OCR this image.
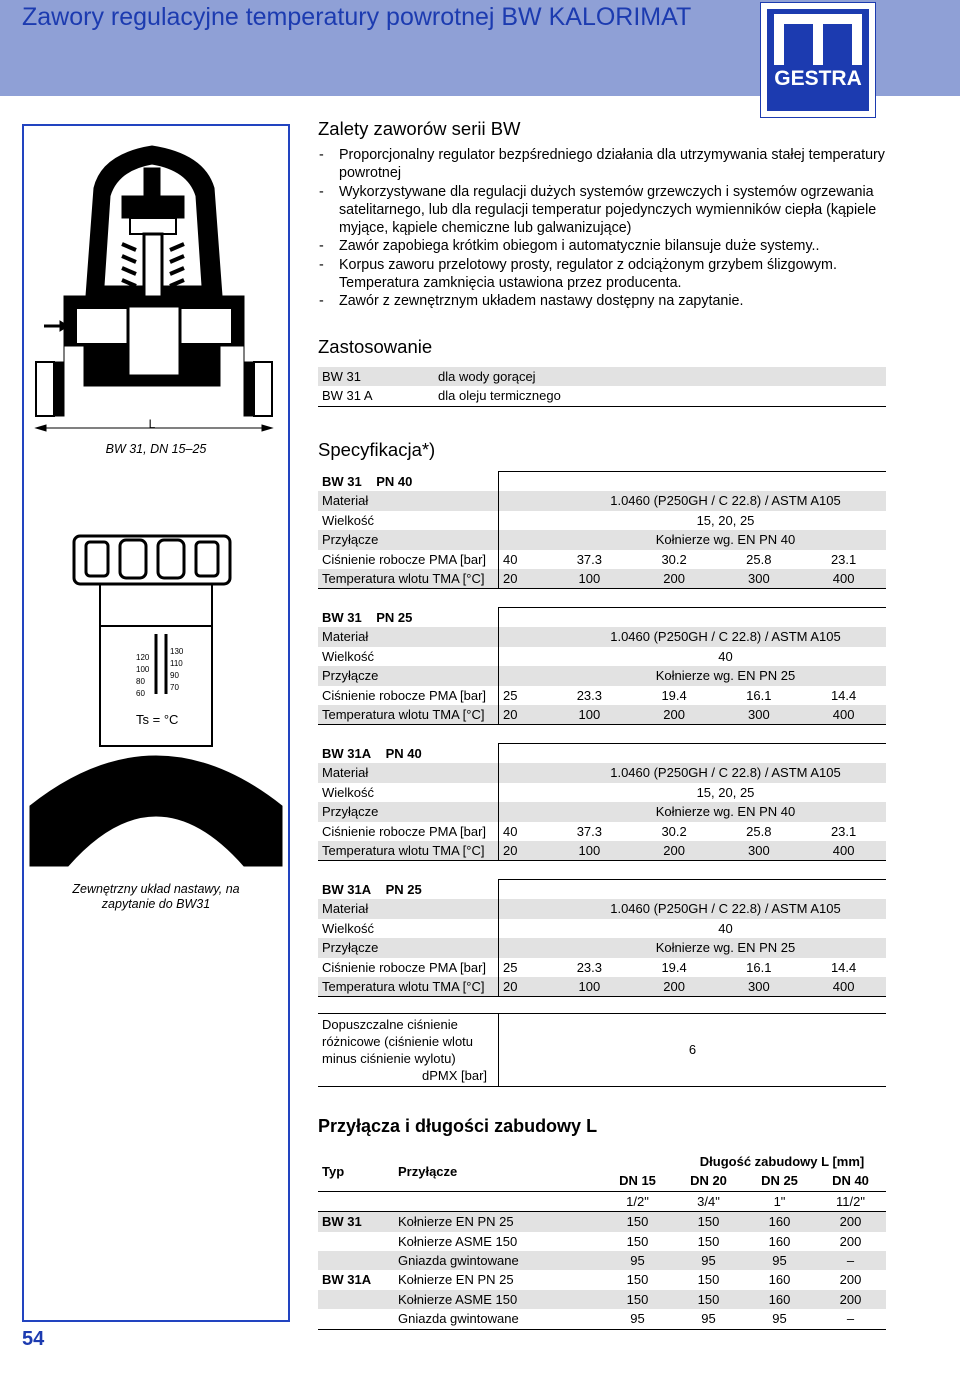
Zawory regulacyjne temperatury powrotnej BW KALORIMAT
GESTRA
L
120
100
80
60
130
110
90
70
Ts = °C
BW 31, DN 15–25
Zewnętrzny układ nastawy, na zapytanie do BW31
54
Zalety zaworów serii BW
- Proporcjonalny regulator bezpśredniego działania dla utrzymywania stałej temperatury powrotnej
- Wykorzystywane dla regulacji dużych systemów grzewczych i systemów ogrzewania satelitarnego, lub dla regulacji temperatur pojedynczych wymienników ciepła (kąpiele myjące, kąpiele chemiczne lub galwanizujące)
- Zawór zapobiega krótkim obiegom i automatycznie bilansuje duże systemy..
- Korpus zaworu przelotowy prosty, regulator z odciążonym grzybem ślizgowym. Temperatura zamknięcia ustawiona przez producenta.
- Zawór z zewnętrznym układem nastawy dostępny na zapytanie.
Zastosowanie
BW 31	dla wody gorącej
BW 31 A	dla oleju termicznego
Specyfikacja*)
BW 31 PN 40					
Materiał	1.0460 (P250GH / C 22.8) / ASTM A105				
Wielkość	15, 20, 25				
Przyłącze	Kołnierze wg. EN PN 40				
Ciśnienie robocze PMA [bar]	40	37.3	30.2	25.8	23.1
Temperatura wlotu TMA [°C]	20	100	200	300	400
BW 31 PN 25					
Materiał	1.0460 (P250GH / C 22.8) / ASTM A105				
Wielkość	40				
Przyłącze	Kołnierze wg. EN PN 25				
Ciśnienie robocze PMA [bar]	25	23.3	19.4	16.1	14.4
Temperatura wlotu TMA [°C]	20	100	200	300	400
BW 31A PN 40					
Materiał	1.0460 (P250GH / C 22.8) / ASTM A105				
Wielkość	15, 20, 25				
Przyłącze	Kołnierze wg. EN PN 40				
Ciśnienie robocze PMA [bar]	40	37.3	30.2	25.8	23.1
Temperatura wlotu TMA [°C]	20	100	200	300	400
BW 31A PN 25					
Materiał	1.0460 (P250GH / C 22.8) / ASTM A105				
Wielkość	40				
Przyłącze	Kołnierze wg. EN PN 25				
Ciśnienie robocze PMA [bar]	25	23.3	19.4	16.1	14.4
Temperatura wlotu TMA [°C]	20	100	200	300	400
Dopuszczalne ciśnienie
różnicowe (ciśnienie wlotu
minus ciśnienie wylotu)
dPMX [bar]
	6
Przyłącza i długości zabudowy L
Typ	Przyłącze	Długość zabudowy L [mm]			
		DN 15	DN 20	DN 25	DN 40
		1/2"	3/4"	1"	11/2"
BW 31	Kołnierze EN PN 25	150	150	160	200
	Kołnierze ASME 150	150	150	160	200
	Gniazda gwintowane	95	95	95	–
BW 31A	Kołnierze EN PN 25	150	150	160	200
	Kołnierze ASME 150	150	150	160	200
	Gniazda gwintowane	95	95	95	–
